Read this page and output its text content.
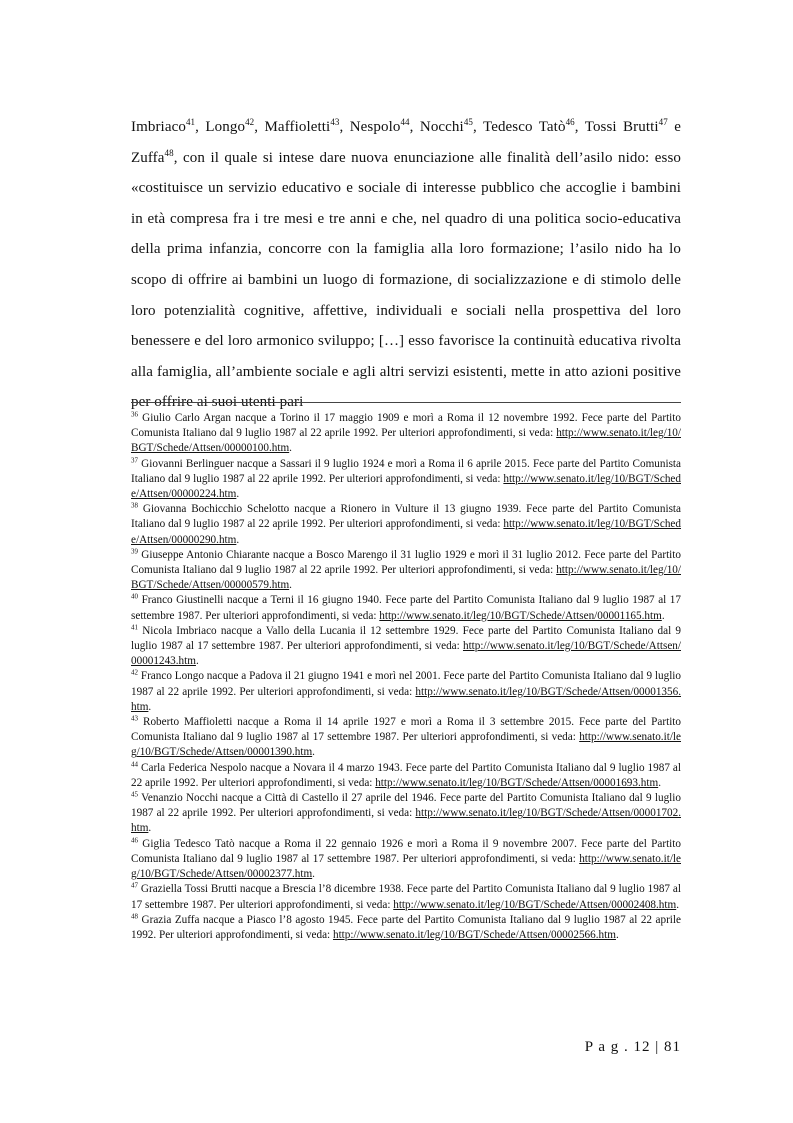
Imbriaco$^{41}$, Longo$^{42}$, Maffioletti$^{43}$, Nespolo$^{44}$, Nocchi$^{45}$, Tedesco Tatò$^{46}$, Tossi Brutti$^{47}$ e Zuffa$^{48}$, con il quale si intese dare nuova enunciazione alle finalità dell’asilo nido: esso «costituisce un servizio educativo e sociale di interesse pubblico che accoglie i bambini in età compresa fra i tre mesi e tre anni e che, nel quadro di una politica socio-educativa della prima infanzia, concorre con la famiglia alla loro formazione; l’asilo nido ha lo scopo di offrire ai bambini un luogo di formazione, di socializzazione e di stimolo delle loro potenzialità cognitive, affettive, individuali e sociali nella prospettiva del loro benessere e del loro armonico sviluppo; […] esso favorisce la continuità educativa rivolta alla famiglia, all’ambiente sociale e agli altri servizi esistenti, mette in atto azioni positive per offrire ai suoi utenti pari

$^{36}$ Giulio Carlo Argan nacque a Torino il 17 maggio 1909 e morì a Roma il 12 novembre 1992. Fece parte del Partito Comunista Italiano dal 9 luglio 1987 al 22 aprile 1992. Per ulteriori approfondimenti, si veda: http://www.senato.it/leg/10/BGT/Schede/Attsen/00000100.htm.

$^{37}$ Giovanni Berlinguer nacque a Sassari il 9 luglio 1924 e morì a Roma il 6 aprile 2015. Fece parte del Partito Comunista Italiano dal 9 luglio 1987 al 22 aprile 1992. Per ulteriori approfondimenti, si veda: http://www.senato.it/leg/10/BGT/Schede/Attsen/00000224.htm.

$^{38}$ Giovanna Bochicchio Schelotto nacque a Rionero in Vulture il 13 giugno 1939. Fece parte del Partito Comunista Italiano dal 9 luglio 1987 al 22 aprile 1992. Per ulteriori approfondimenti, si veda: http://www.senato.it/leg/10/BGT/Schede/Attsen/00000290.htm.

$^{39}$ Giuseppe Antonio Chiarante nacque a Bosco Marengo il 31 luglio 1929 e morì il 31 luglio 2012. Fece parte del Partito Comunista Italiano dal 9 luglio 1987 al 22 aprile 1992. Per ulteriori approfondimenti, si veda: http://www.senato.it/leg/10/BGT/Schede/Attsen/00000579.htm.

$^{40}$ Franco Giustinelli nacque a Terni il 16 giugno 1940. Fece parte del Partito Comunista Italiano dal 9 luglio 1987 al 17 settembre 1987. Per ulteriori approfondimenti, si veda: http://www.senato.it/leg/10/BGT/Schede/Attsen/00001165.htm.

$^{41}$ Nicola Imbriaco nacque a Vallo della Lucania il 12 settembre 1929. Fece parte del Partito Comunista Italiano dal 9 luglio 1987 al 17 settembre 1987. Per ulteriori approfondimenti, si veda: http://www.senato.it/leg/10/BGT/Schede/Attsen/00001243.htm.

$^{42}$ Franco Longo nacque a Padova il 21 giugno 1941 e morì nel 2001. Fece parte del Partito Comunista Italiano dal 9 luglio 1987 al 22 aprile 1992. Per ulteriori approfondimenti, si veda: http://www.senato.it/leg/10/BGT/Schede/Attsen/00001356.htm.

$^{43}$ Roberto Maffioletti nacque a Roma il 14 aprile 1927 e morì a Roma il 3 settembre 2015. Fece parte del Partito Comunista Italiano dal 9 luglio 1987 al 17 settembre 1987. Per ulteriori approfondimenti, si veda: http://www.senato.it/leg/10/BGT/Schede/Attsen/00001390.htm.

$^{44}$ Carla Federica Nespolo nacque a Novara il 4 marzo 1943. Fece parte del Partito Comunista Italiano dal 9 luglio 1987 al 22 aprile 1992. Per ulteriori approfondimenti, si veda: http://www.senato.it/leg/10/BGT/Schede/Attsen/00001693.htm.

$^{45}$ Venanzio Nocchi nacque a Città di Castello il 27 aprile del 1946. Fece parte del Partito Comunista Italiano dal 9 luglio 1987 al 22 aprile 1992. Per ulteriori approfondimenti, si veda: http://www.senato.it/leg/10/BGT/Schede/Attsen/00001702.htm.

$^{46}$ Giglia Tedesco Tatò nacque a Roma il 22 gennaio 1926 e morì a Roma il 9 novembre 2007. Fece parte del Partito Comunista Italiano dal 9 luglio 1987 al 17 settembre 1987. Per ulteriori approfondimenti, si veda: http://www.senato.it/leg/10/BGT/Schede/Attsen/00002377.htm.

$^{47}$ Graziella Tossi Brutti nacque a Brescia l’8 dicembre 1938. Fece parte del Partito Comunista Italiano dal 9 luglio 1987 al 17 settembre 1987. Per ulteriori approfondimenti, si veda: http://www.senato.it/leg/10/BGT/Schede/Attsen/00002408.htm.

$^{48}$ Grazia Zuffa nacque a Piasco l’8 agosto 1945. Fece parte del Partito Comunista Italiano dal 9 luglio 1987 al 22 aprile 1992. Per ulteriori approfondimenti, si veda: http://www.senato.it/leg/10/BGT/Schede/Attsen/00002566.htm.

P a g . 12 | 81
